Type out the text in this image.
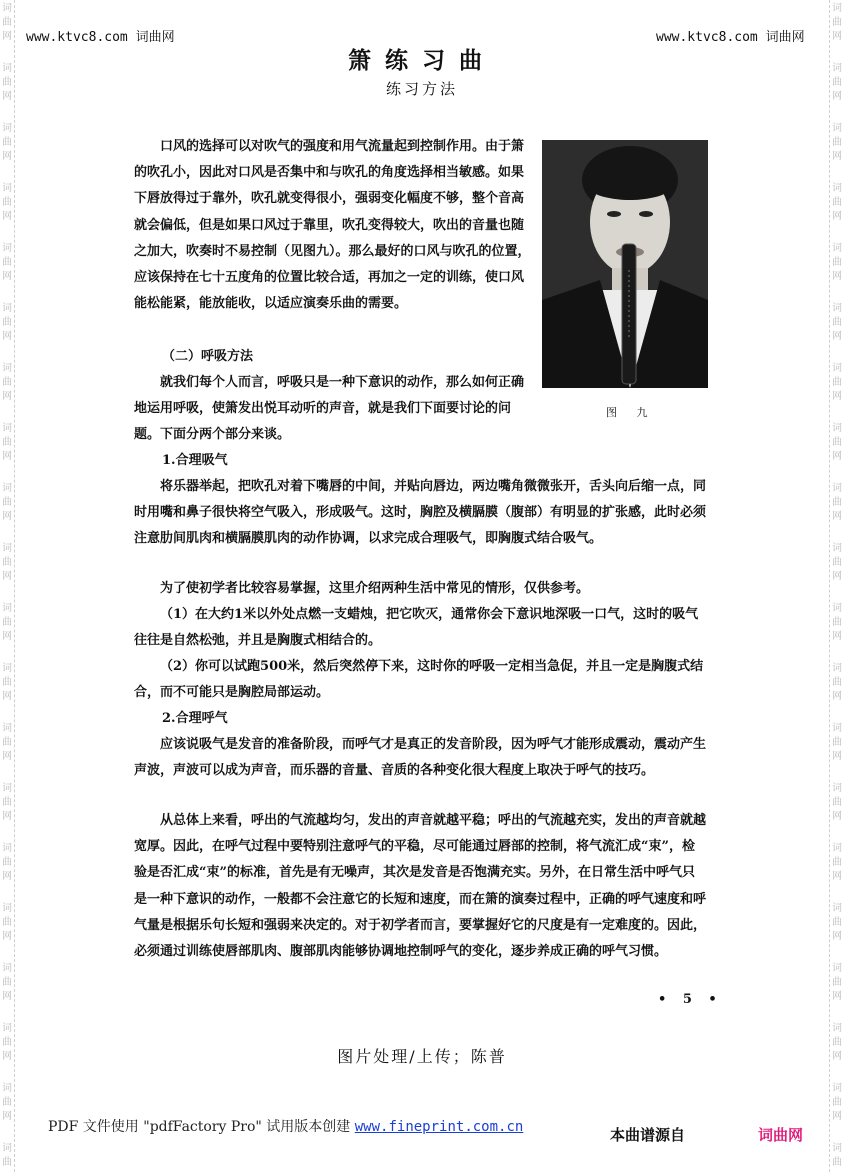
词
曲
网
词
曲
网
词
曲
网
词
曲
网
词
曲
网
词
曲
网
词
曲
网
词
曲
网
词
曲
网
词
曲
网
词
曲
网
词
曲
网
词
曲
网
词
曲
网
词
曲
网
词
曲
网
词
曲
网
词
曲
网
词
曲
网
词
曲
词
曲
网
词
曲
网
词
曲
网
词
曲
网
词
曲
网
词
曲
网
词
曲
网
词
曲
网
词
曲
网
词
曲
网
词
曲
网
词
曲
网
词
曲
网
词
曲
网
词
曲
网
词
曲
网
词
曲
网
词
曲
网
词
曲
网
词
曲
www.ktvc8.com 词曲网	www.ktvc8.com 词曲网
箫练习曲
练习方法
图 九

口风的选择可以对吹气的强度和用气流量起到控制作用。由于箫的吹孔小，因此对口风是否集中和与吹孔的角度选择相当敏感。如果下唇放得过于靠外，吹孔就变得很小，强弱变化幅度不够，整个音高就会偏低，但是如果口风过于靠里，吹孔变得较大，吹出的音量也随之加大，吹奏时不易控制（见图九）。那么最好的口风与吹孔的位置，应该保持在七十五度角的位置比较合适，再加之一定的训练，使口风能松能紧，能放能收，以适应演奏乐曲的需要。

（二）呼吸方法

就我们每个人而言，呼吸只是一种下意识的动作，那么如何正确地运用呼吸，使箫发出悦耳动听的声音，就是我们下面要讨论的问题。下面分两个部分来谈。

1.合理吸气

将乐器举起，把吹孔对着下嘴唇的中间，并贴向唇边，两边嘴角微微张开，舌头向后缩一点，同时用嘴和鼻子很快将空气吸入，形成吸气。这时，胸腔及横膈膜（腹部）有明显的扩张感，此时必须注意肋间肌肉和横膈膜肌肉的动作协调，以求完成合理吸气，即胸腹式结合吸气。

为了使初学者比较容易掌握，这里介绍两种生活中常见的情形，仅供参考。

（1）在大约1米以外处点燃一支蜡烛，把它吹灭，通常你会下意识地深吸一口气，这时的吸气往往是自然松弛，并且是胸腹式相结合的。

（2）你可以试跑500米，然后突然停下来，这时你的呼吸一定相当急促，并且一定是胸腹式结合，而不可能只是胸腔局部运动。

2.合理呼气

应该说吸气是发音的准备阶段，而呼气才是真正的发音阶段，因为呼气才能形成震动，震动产生声波，声波可以成为声音，而乐器的音量、音质的各种变化很大程度上取决于呼气的技巧。

从总体上来看，呼出的气流越均匀，发出的声音就越平稳；呼出的气流越充实，发出的声音就越宽厚。因此，在呼气过程中要特别注意呼气的平稳，尽可能通过唇部的控制，将气流汇成“束”，检验是否汇成“束”的标准，首先是有无噪声，其次是发音是否饱满充实。另外，在日常生活中呼气只是一种下意识的动作，一般都不会注意它的长短和速度，而在箫的演奏过程中，正确的呼气速度和呼气量是根据乐句长短和强弱来决定的。对于初学者而言，要掌握好它的尺度是有一定难度的。因此，必须通过训练使唇部肌肉、腹部肌肉能够协调地控制呼气的变化，逐步养成正确的呼气习惯。

• 5 •
图片处理/上传；陈普
PDF 文件使用 "pdfFactory Pro" 试用版本创建 www.fineprint.com.cn	本曲谱源自	词曲网
